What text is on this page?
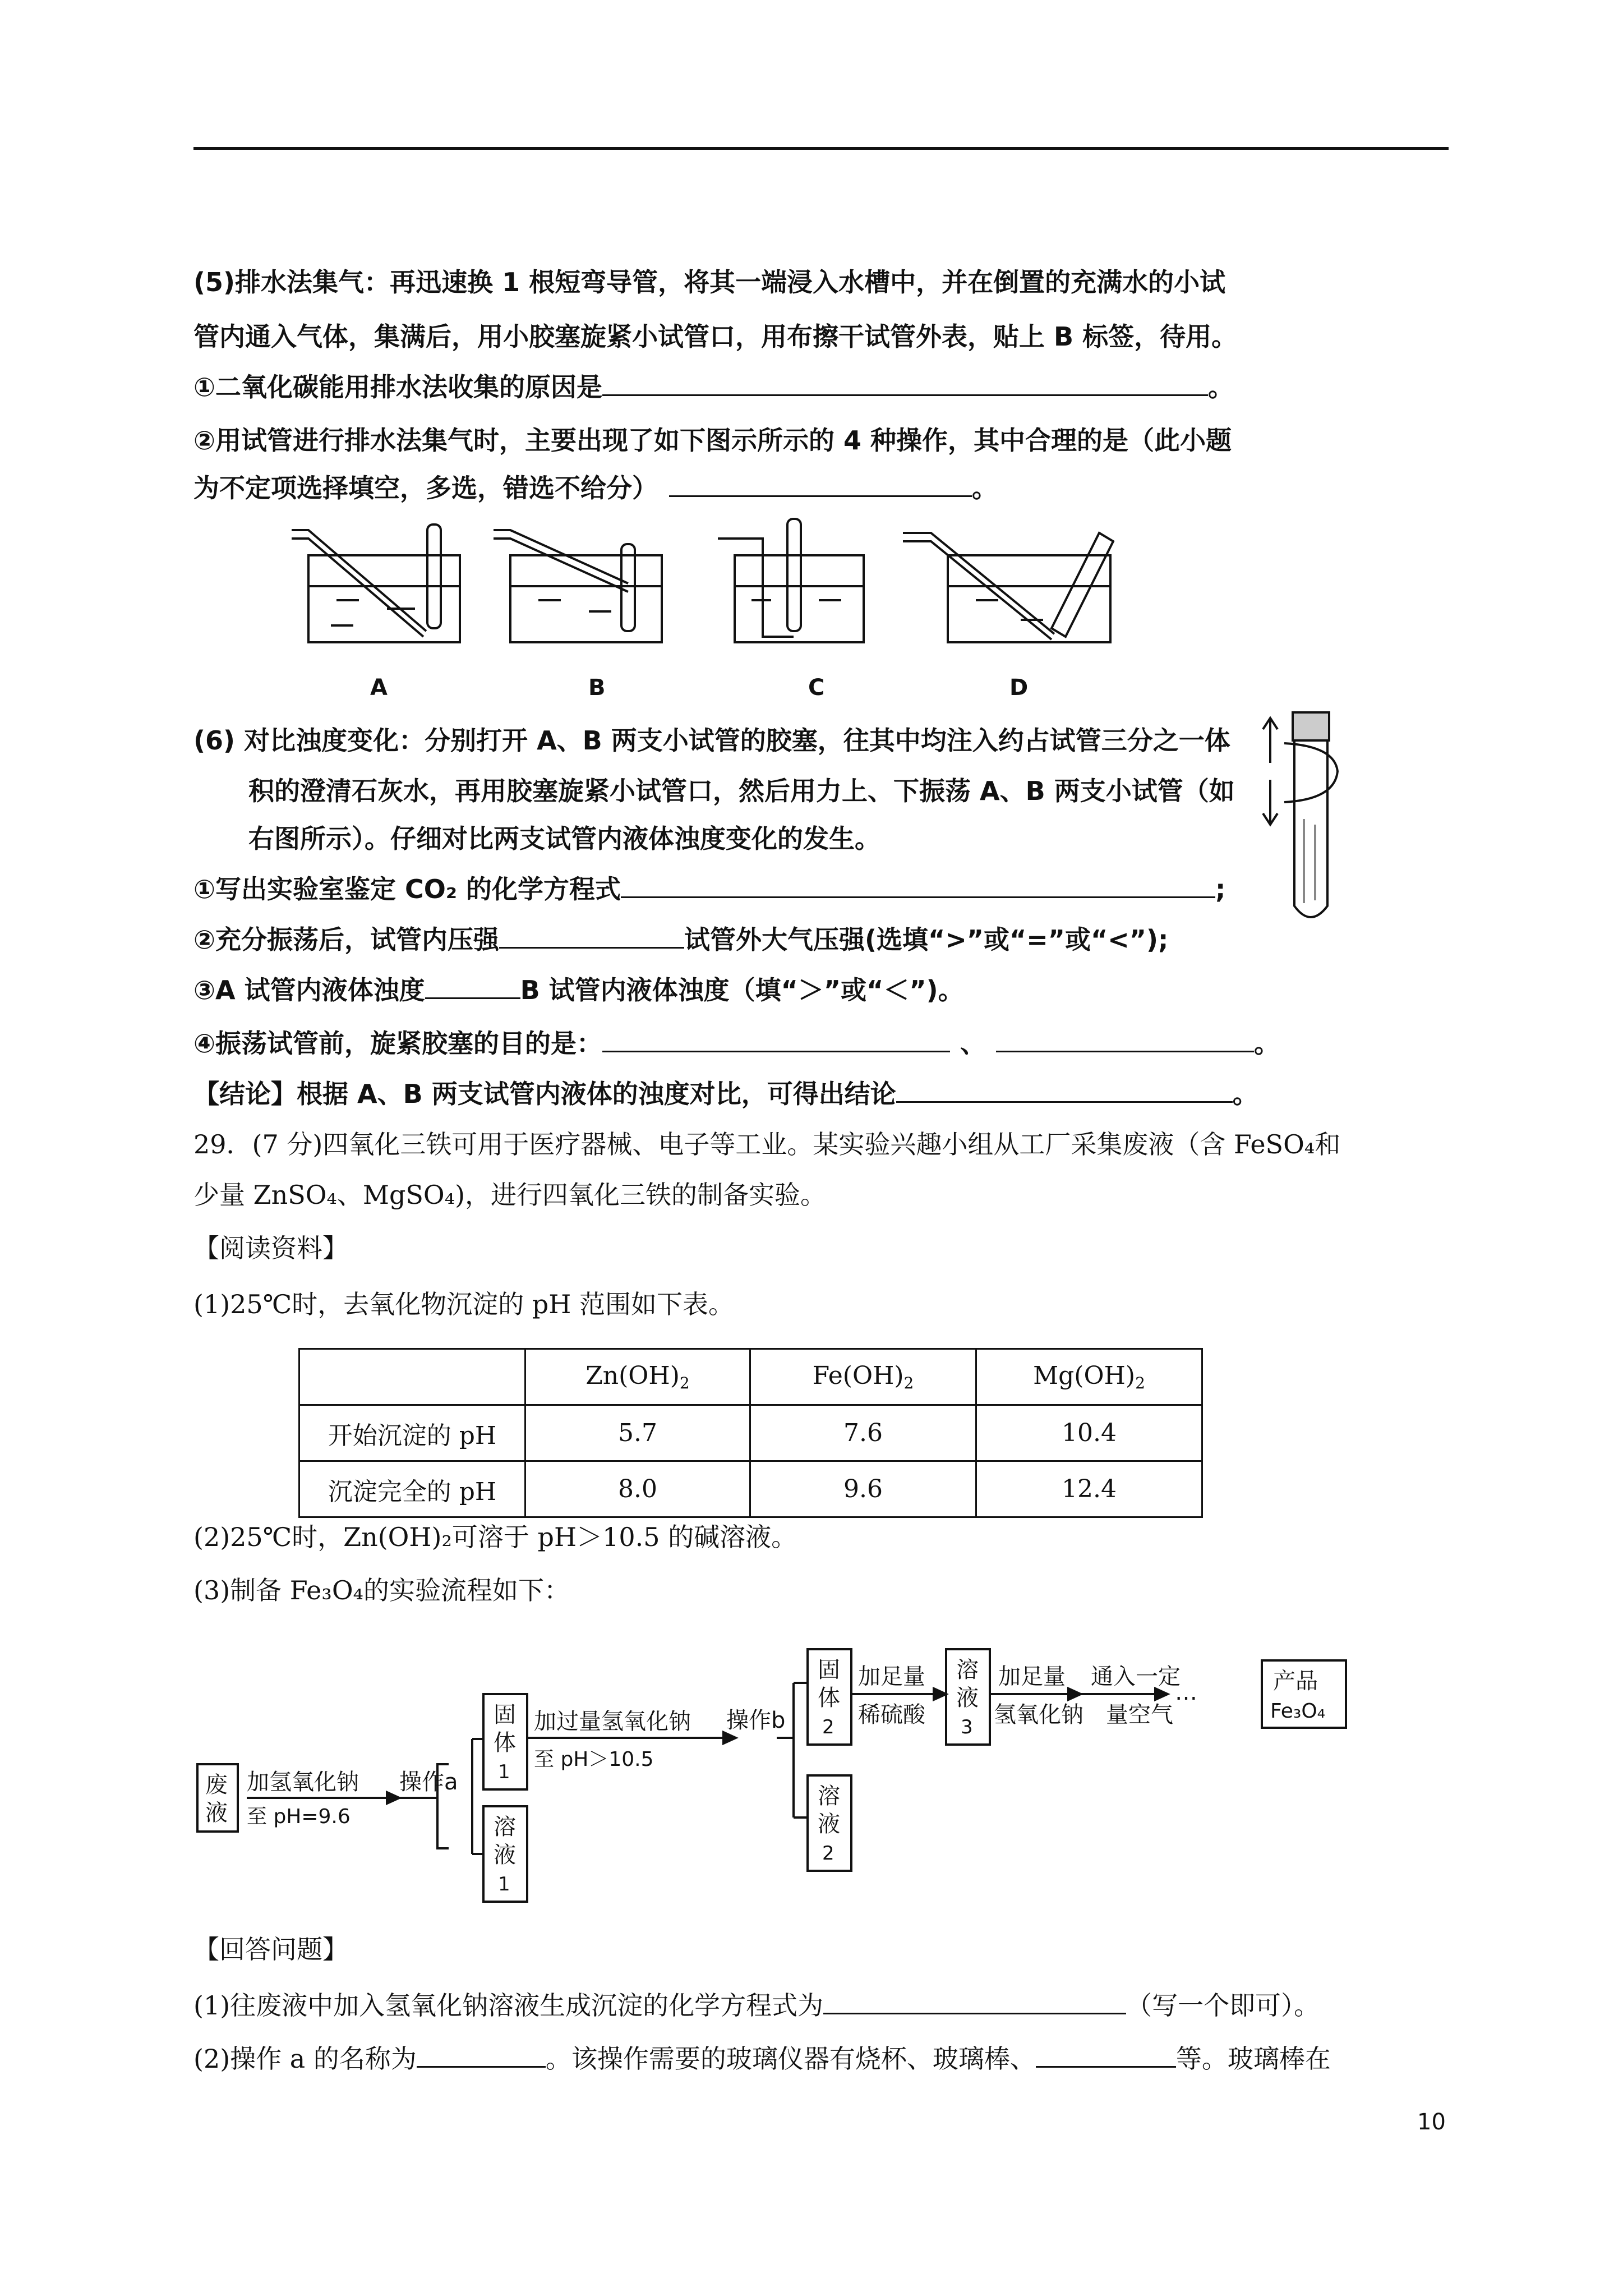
(5)排水法集气：再迅速换 1 根短弯导管，将其一端浸入水槽中，并在倒置的充满水的小试
管内通入气体，集满后，用小胶塞旋紧小试管口，用布擦干试管外表，贴上 B 标签，待用。
①二氧化碳能用排水法收集的原因是	。
②用试管进行排水法集气时，主要出现了如下图示所示的 4 种操作，其中合理的是（此小题
为不定项选择填空，多选，错选不给分）	。
A	B	C	D
(6) 对比浊度变化：分别打开 A、B 两支小试管的胶塞，往其中均注入约占试管三分之一体
积的澄清石灰水，再用胶塞旋紧小试管口，然后用力上、下振荡 A、B 两支小试管（如
右图所示）。仔细对比两支试管内液体浊度变化的发生。
①写出实验室鉴定 CO₂ 的化学方程式	;
②充分振荡后，试管内压强	试管外大气压强(选填“>”或“=”或“<”);
③A 试管内液体浊度	B 试管内液体浊度（填“＞”或“＜”)。
④振荡试管前，旋紧胶塞的目的是：	、	。
【结论】根据 A、B 两支试管内液体的浊度对比，可得出结论	。
29．(7 分)四氧化三铁可用于医疗器械、电子等工业。某实验兴趣小组从工厂采集废液（含 FeSO₄和
少量 ZnSO₄、MgSO₄)，进行四氧化三铁的制备实验。
【阅读资料】
(1)25℃时，去氧化物沉淀的 pH 范围如下表。
	$Zn(OH)_2$	$Fe(OH)_2$	$Mg(OH)_2$
开始沉淀的 pH	5.7	7.6	10.4
沉淀完全的 pH	8.0	9.6	12.4
(2)25℃时，Zn(OH)₂可溶于 pH＞10.5 的碱溶液。
(3)制备 Fe₃O₄的实验流程如下：
废
液
加氢氧化钠
至 pH=9.6
操作a
固
体
1
溶
液
1
加过量氢氧化钠
至 pH＞10.5
操作b
固
体
2
溶
液
2
加足量
稀硫酸
溶
液
3
加足量
氢氧化钠
通入一定
量空气
…	产品
Fe₃O₄
【回答问题】
(1)往废液中加入氢氧化钠溶液生成沉淀的化学方程式为	（写一个即可）。
(2)操作 a 的名称为	。该操作需要的玻璃仪器有烧杯、玻璃棒、	等。玻璃棒在
10
